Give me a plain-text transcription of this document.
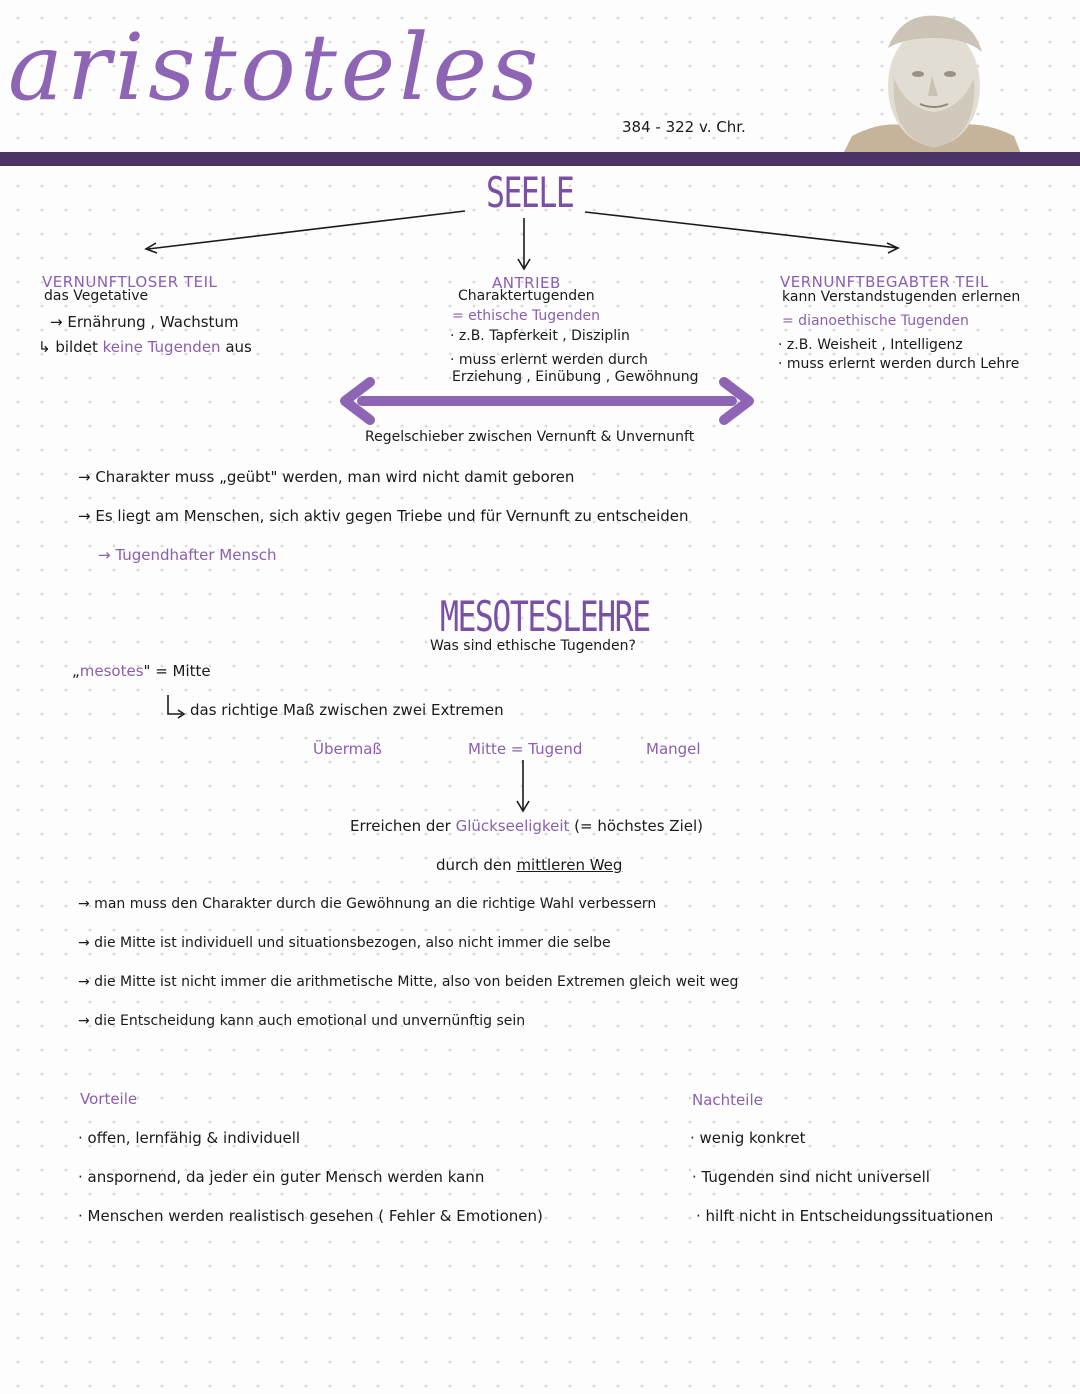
aristoteles
384 - 322 v. Chr.
SEELE
VERNUNFTLOSER TEIL
das Vegetative
→ Ernährung , Wachstum
↳ bildet keine Tugenden aus
ANTRIEB
Charaktertugenden
= ethische Tugenden
· z.B. Tapferkeit , Disziplin
· muss erlernt werden durch
Erziehung , Einübung , Gewöhnung
VERNUNFTBEGABTER TEIL
kann Verstandstugenden erlernen
= dianoethische Tugenden
· z.B. Weisheit , Intelligenz
· muss erlernt werden durch Lehre
Regelschieber zwischen Vernunft & Unvernunft
→ Charakter muss „geübt" werden, man wird nicht damit geboren
→ Es liegt am Menschen, sich aktiv gegen Triebe und für Vernunft zu entscheiden
→ Tugendhafter Mensch
MESOTESLEHRE
Was sind ethische Tugenden?
„mesotes" = Mitte
das richtige Maß zwischen zwei Extremen
Übermaß	Mitte = Tugend	Mangel
Erreichen der Glückseeligkeit (= höchstes Ziel)
durch den mittleren Weg
→ man muss den Charakter durch die Gewöhnung an die richtige Wahl verbessern
→ die Mitte ist individuell und situationsbezogen, also nicht immer die selbe
→ die Mitte ist nicht immer die arithmetische Mitte, also von beiden Extremen gleich weit weg
→ die Entscheidung kann auch emotional und unvernünftig sein
Vorteile
· offen, lernfähig & individuell
· anspornend, da jeder ein guter Mensch werden kann
· Menschen werden realistisch gesehen ( Fehler & Emotionen)
Nachteile
· wenig konkret
· Tugenden sind nicht universell
· hilft nicht in Entscheidungssituationen
